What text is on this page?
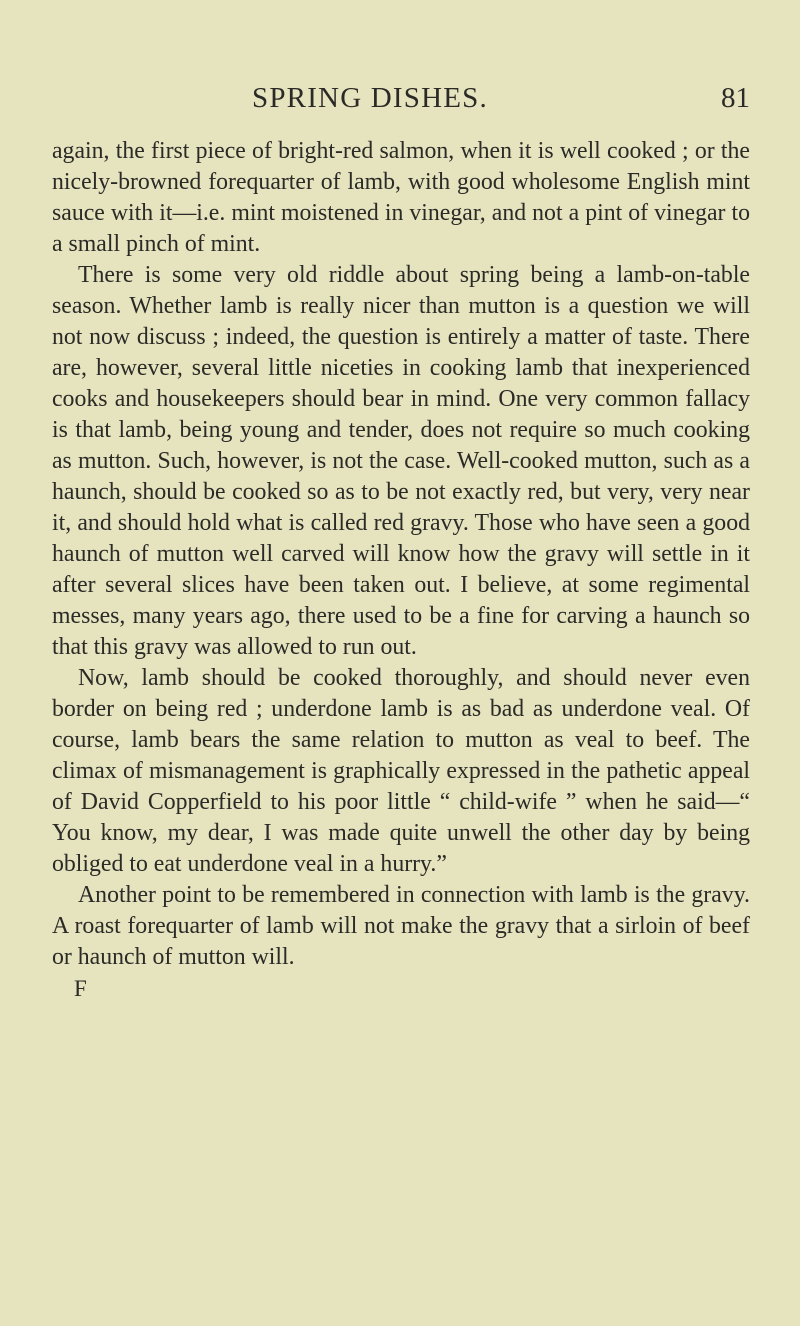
SPRING DISHES.	81

again, the first piece of bright-red salmon, when it is well cooked ; or the nicely-browned forequarter of lamb, with good wholesome English mint sauce with it—i.e. mint moistened in vinegar, and not a pint of vinegar to a small pinch of mint.

There is some very old riddle about spring being a lamb-on-table season. Whether lamb is really nicer than mutton is a question we will not now discuss ; indeed, the question is entirely a matter of taste. There are, however, several little niceties in cooking lamb that inexperienced cooks and housekeepers should bear in mind. One very common fallacy is that lamb, being young and tender, does not require so much cooking as mutton. Such, however, is not the case. Well-cooked mutton, such as a haunch, should be cooked so as to be not exactly red, but very, very near it, and should hold what is called red gravy. Those who have seen a good haunch of mutton well carved will know how the gravy will settle in it after several slices have been taken out. I believe, at some regimental messes, many years ago, there used to be a fine for carving a haunch so that this gravy was allowed to run out.

Now, lamb should be cooked thoroughly, and should never even border on being red ; underdone lamb is as bad as underdone veal. Of course, lamb bears the same relation to mutton as veal to beef. The climax of mismanagement is graphically expressed in the pathetic appeal of David Copperfield to his poor little “ child-wife ” when he said—“ You know, my dear, I was made quite unwell the other day by being obliged to eat underdone veal in a hurry.”

Another point to be remembered in connection with lamb is the gravy. A roast forequarter of lamb will not make the gravy that a sirloin of beef or haunch of mutton will.

F
